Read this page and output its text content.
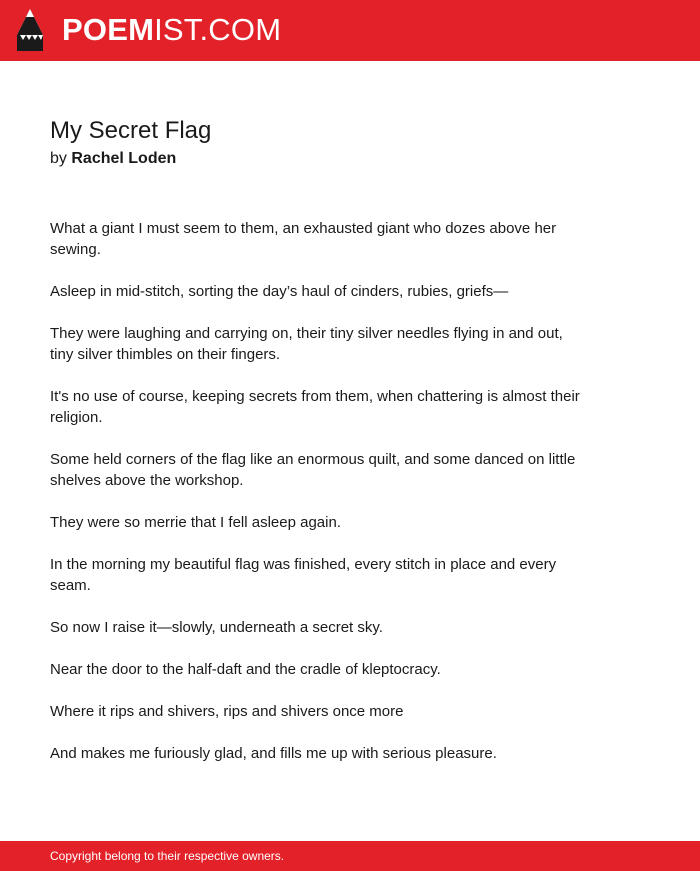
POEMIST.COM
My Secret Flag
by Rachel Loden

What a giant I must seem to them, an exhausted giant who dozes above her sewing.

Asleep in mid-stitch, sorting the day’s haul of cinders, rubies, griefs—

They were laughing and carrying on, their tiny silver needles flying in and out, tiny silver thimbles on their fingers.

It's no use of course, keeping secrets from them, when chattering is almost their religion.

Some held corners of the flag like an enormous quilt, and some danced on little shelves above the workshop.

They were so merrie that I fell asleep again.

In the morning my beautiful flag was finished, every stitch in place and every seam.

So now I raise it—slowly, underneath a secret sky.

Near the door to the half-daft and the cradle of kleptocracy.

Where it rips and shivers, rips and shivers once more

And makes me furiously glad, and fills me up with serious pleasure.

Copyright belong to their respective owners.
